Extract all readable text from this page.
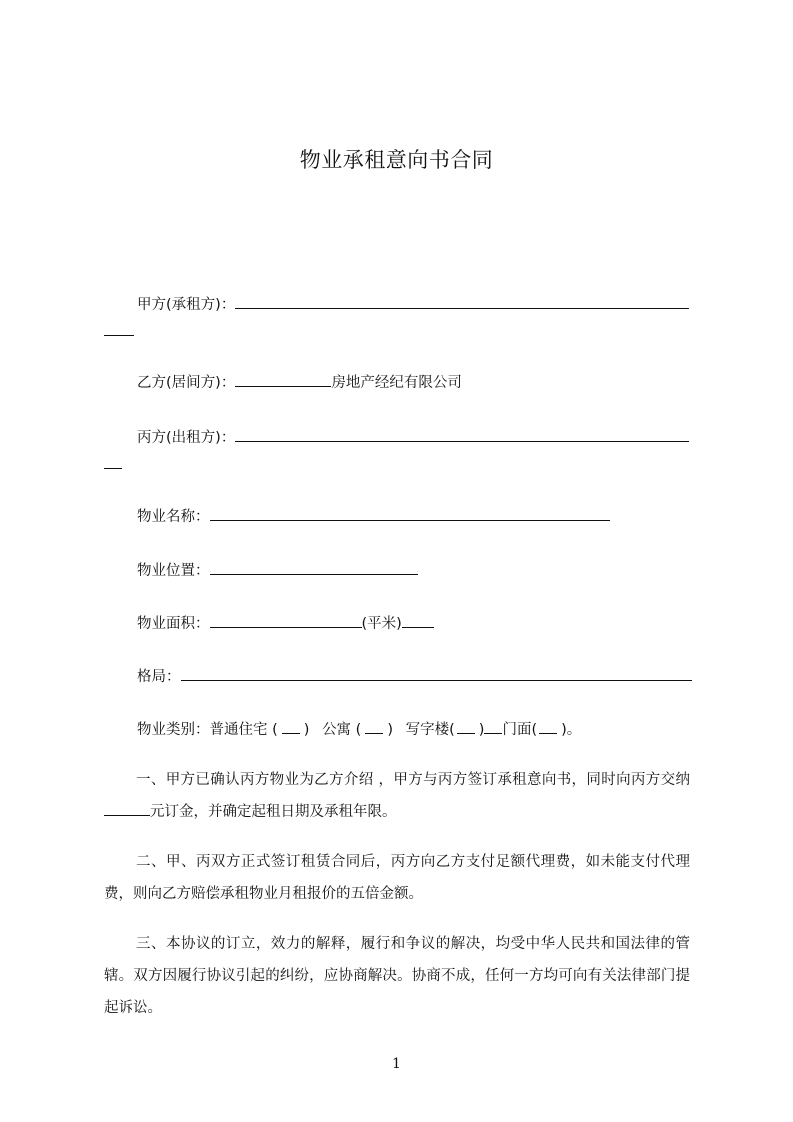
物业承租意向书合同
甲方(承租方)：
乙方(居间方)：	房地产经纪有限公司
丙方(出租方)：
物业名称：
物业位置：
物业面积：	(平米)
格局：
物业类别：普通住宅 ( ) 公寓 ( ) 写字楼( ) 门面( )。
一、甲方已确认丙方物业为乙方介绍 ，甲方与丙方签订承租意向书，同时向丙方交纳元订金，并确定起租日期及承租年限。
二、甲、丙双方正式签订租赁合同后，丙方向乙方支付足额代理费，如未能支付代理费，则向乙方赔偿承租物业月租报价的五倍金额。
三、本协议的订立，效力的解释，履行和争议的解决，均受中华人民共和国法律的管辖。双方因履行协议引起的纠纷，应协商解决。协商不成，任何一方均可向有关法律部门提起诉讼。
1
